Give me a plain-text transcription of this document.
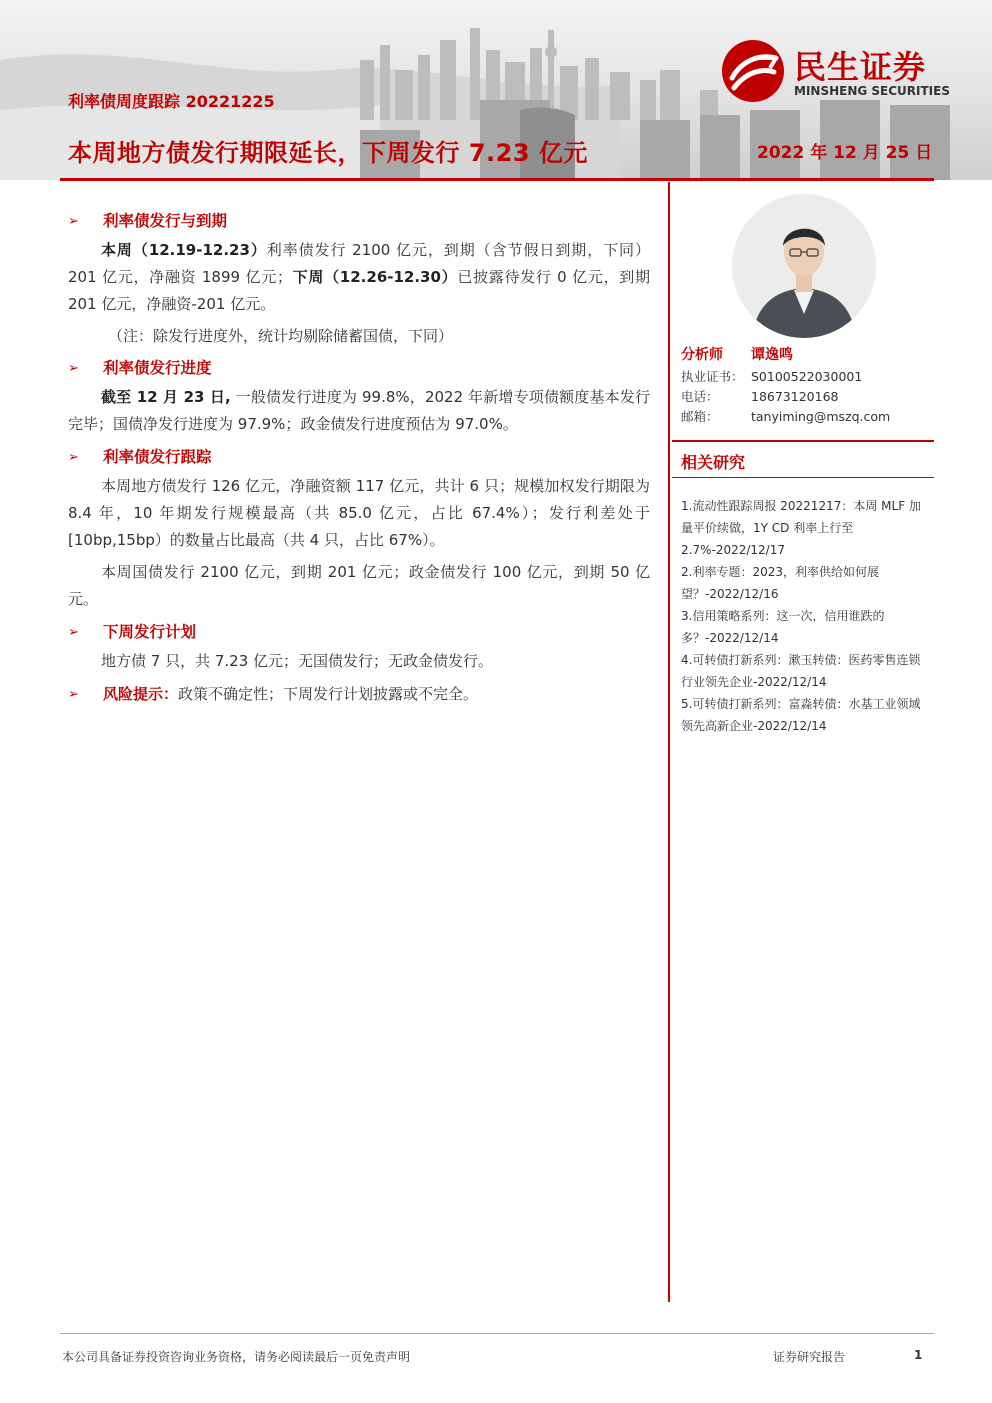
民生证券
MINSHENG SECURITIES
利率债周度跟踪 20221225
本周地方债发行期限延长，下周发行 7.23 亿元	2022 年 12 月 25 日
➢	利率债发行与到期
本周（12.19-12.23）利率债发行 2100 亿元，到期（含节假日到期，下同）201 亿元，净融资 1899 亿元；下周（12.26-12.30）已披露待发行 0 亿元，到期 201 亿元，净融资-201 亿元。
（注：除发行进度外，统计均剔除储蓄国债，下同）
➢	利率债发行进度
截至 12 月 23 日, 一般债发行进度为 99.8%，2022 年新增专项债额度基本发行完毕；国债净发行进度为 97.9%；政金债发行进度预估为 97.0%。
➢	利率债发行跟踪
本周地方债发行 126 亿元，净融资额 117 亿元，共计 6 只；规模加权发行期限为 8.4 年，10 年期发行规模最高（共 85.0 亿元，占比 67.4%）；发行利差处于[10bp,15bp）的数量占比最高（共 4 只，占比 67%）。
本周国债发行 2100 亿元，到期 201 亿元；政金债发行 100 亿元，到期 50 亿元。
➢	下周发行计划
地方债 7 只，共 7.23 亿元；无国债发行；无政金债发行。
➢	风险提示： 政策不确定性；下周发行计划披露或不完全。
分析师	谭逸鸣
执业证书： S0100522030001
电话：	18673120168
邮箱：	tanyiming@mszq.com
相关研究
1.流动性跟踪周报 20221217：本周 MLF 加量平价续做，1Y CD 利率上行至 2.7%-2022/12/17
2.利率专题：2023，利率供给如何展望？-2022/12/16
3.信用策略系列：这一次，信用谁跌的多？-2022/12/14
4.可转债打新系列：漱玉转债：医药零售连锁行业领先企业-2022/12/14
5.可转债打新系列：富淼转债：水基工业领域领先高新企业-2022/12/14
本公司具备证券投资咨询业务资格，请务必阅读最后一页免责声明	证券研究报告	1
